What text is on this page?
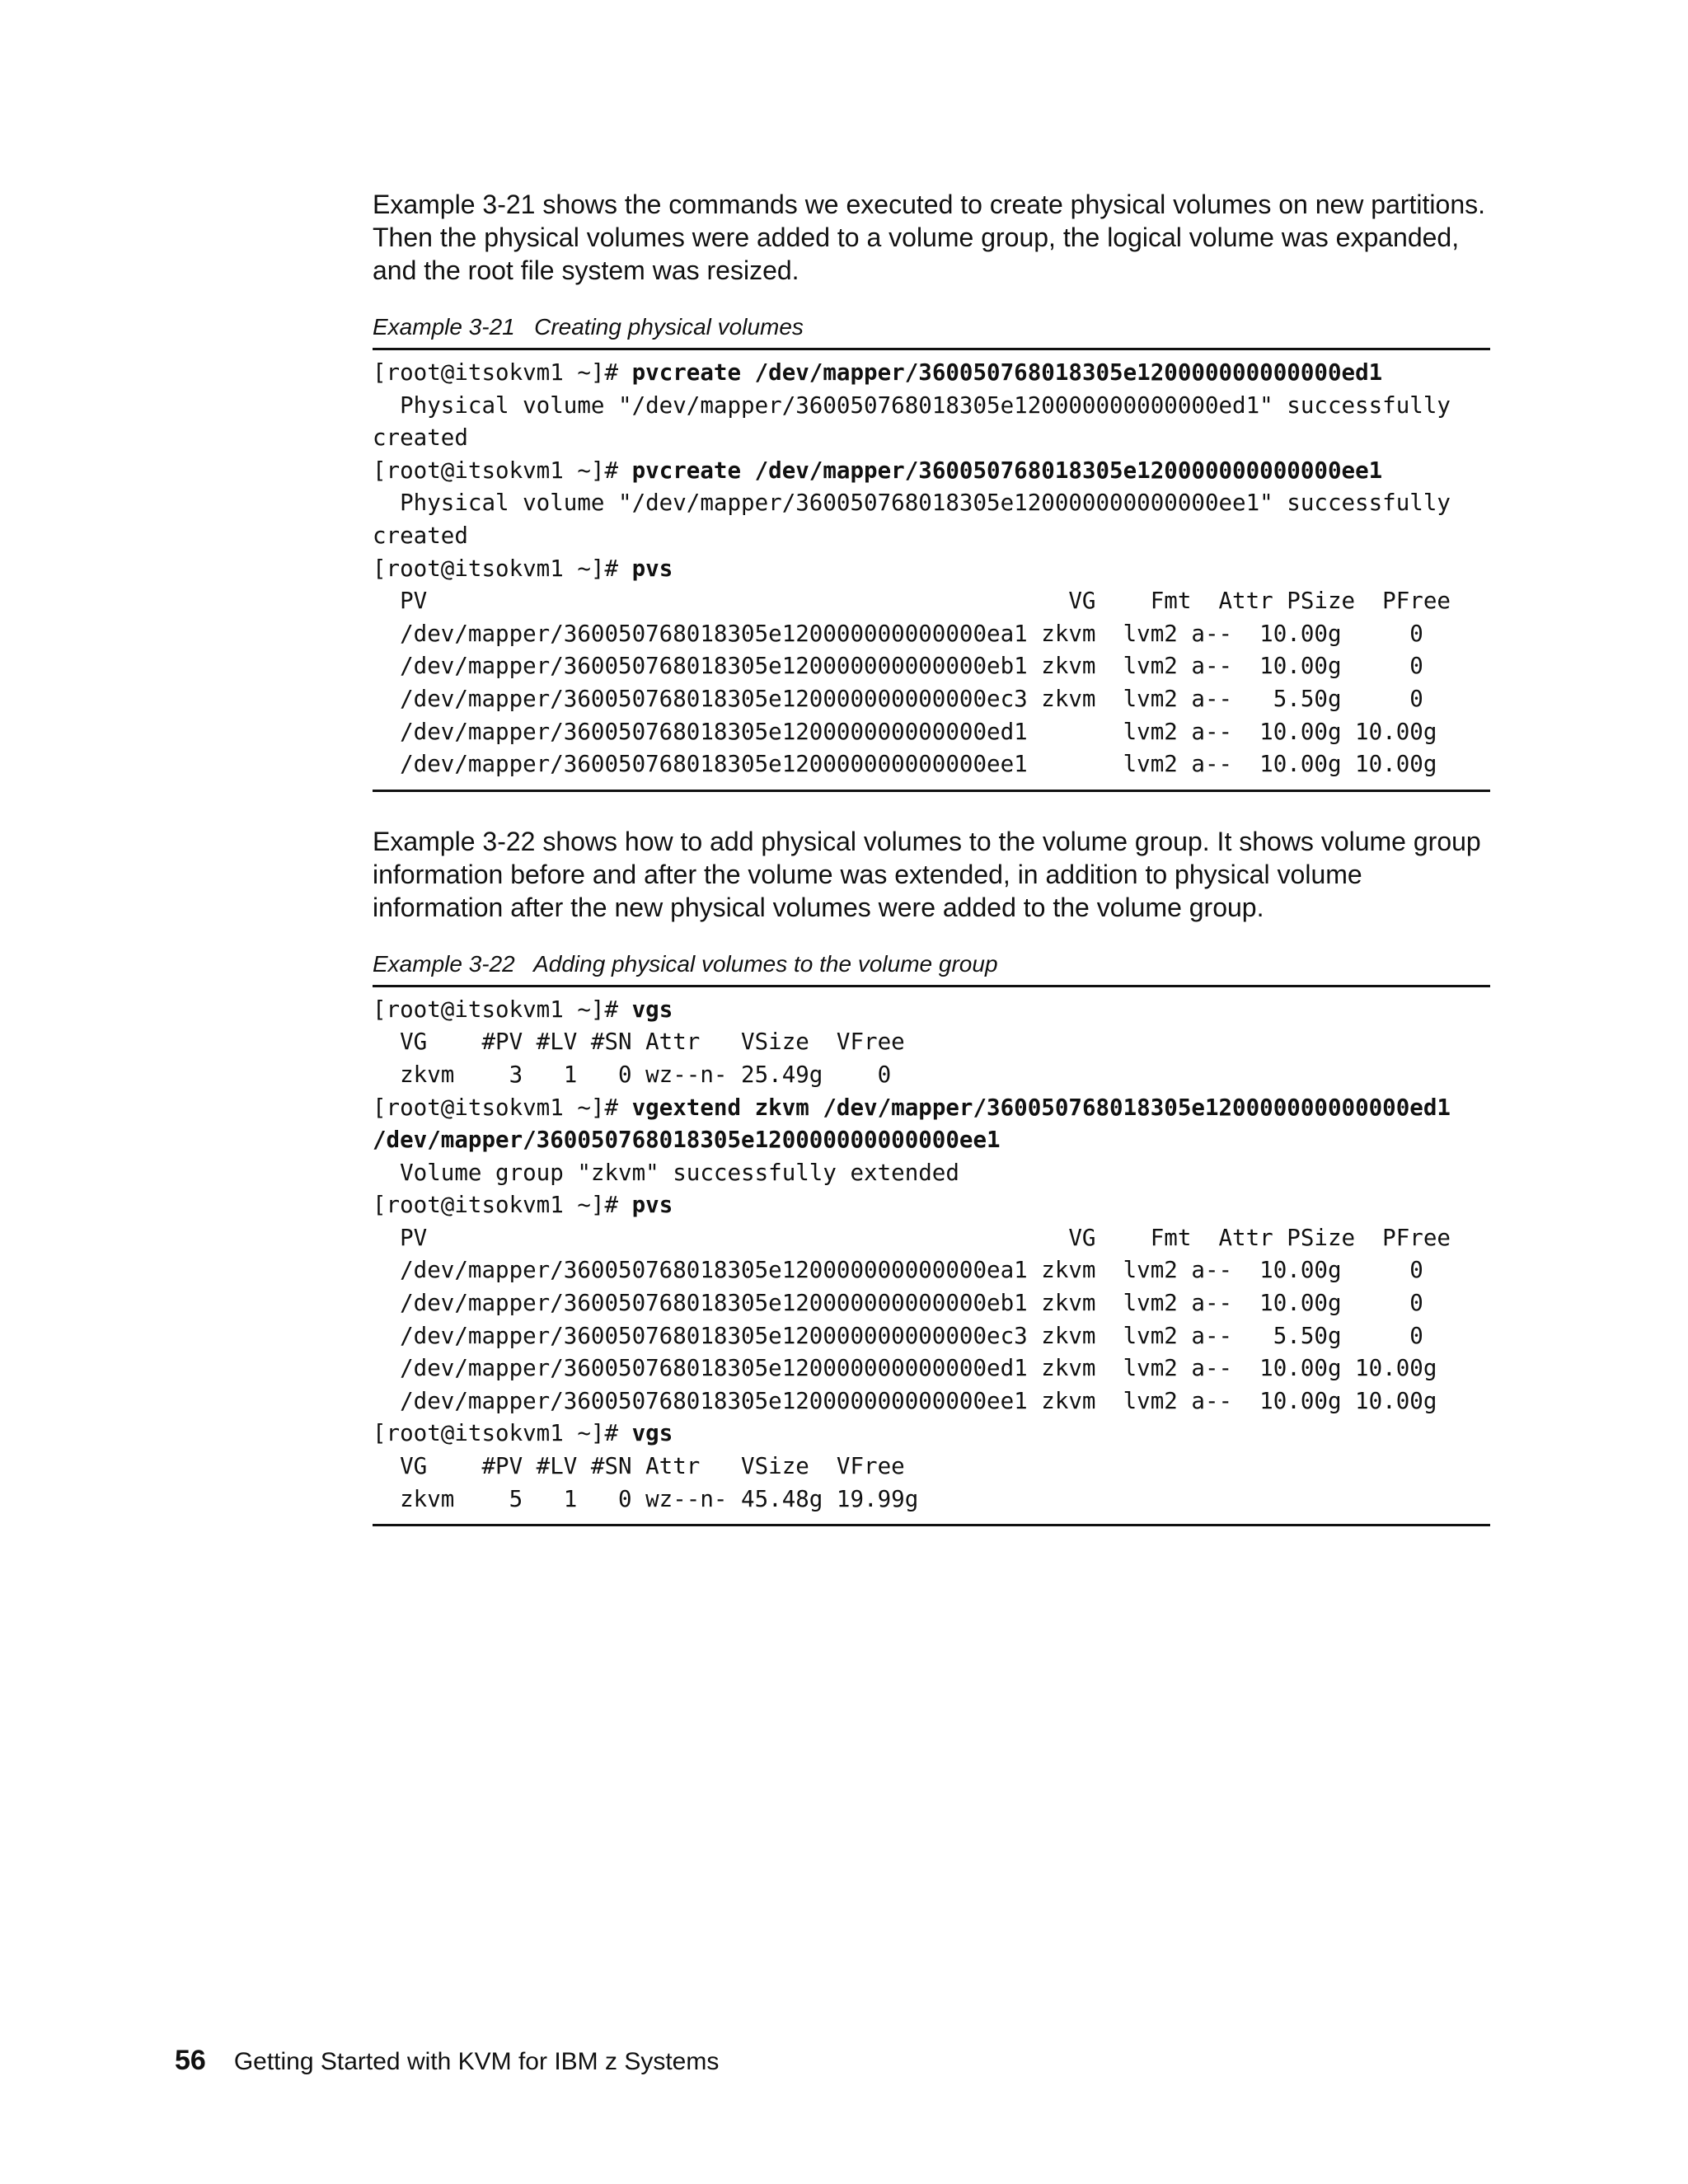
Example 3-21 shows the commands we executed to create physical volumes on new partitions. Then the physical volumes were added to a volume group, the logical volume was expanded, and the root file system was resized.

Example 3-21 Creating physical volumes

[root@itsokvm1 ~]# pvcreate /dev/mapper/360050768018305e120000000000000ed1
Physical volume "/dev/mapper/360050768018305e120000000000000ed1" successfully
created
[root@itsokvm1 ~]# pvcreate /dev/mapper/360050768018305e120000000000000ee1
Physical volume "/dev/mapper/360050768018305e120000000000000ee1" successfully
created
[root@itsokvm1 ~]# pvs
PV                                               VG    Fmt  Attr PSize  PFree
/dev/mapper/360050768018305e120000000000000ea1 zkvm  lvm2 a--  10.00g     0
/dev/mapper/360050768018305e120000000000000eb1 zkvm  lvm2 a--  10.00g     0
/dev/mapper/360050768018305e120000000000000ec3 zkvm  lvm2 a--   5.50g     0
/dev/mapper/360050768018305e120000000000000ed1       lvm2 a--  10.00g 10.00g
/dev/mapper/360050768018305e120000000000000ee1       lvm2 a--  10.00g 10.00g

Example 3-22 shows how to add physical volumes to the volume group. It shows volume group information before and after the volume was extended, in addition to physical volume information after the new physical volumes were added to the volume group.

Example 3-22 Adding physical volumes to the volume group

[root@itsokvm1 ~]# vgs
VG    #PV #LV #SN Attr   VSize  VFree
zkvm    3   1   0 wz--n- 25.49g    0
[root@itsokvm1 ~]# vgextend zkvm /dev/mapper/360050768018305e120000000000000ed1
/dev/mapper/360050768018305e120000000000000ee1
Volume group "zkvm" successfully extended
[root@itsokvm1 ~]# pvs
PV                                               VG    Fmt  Attr PSize  PFree
/dev/mapper/360050768018305e120000000000000ea1 zkvm  lvm2 a--  10.00g     0
/dev/mapper/360050768018305e120000000000000eb1 zkvm  lvm2 a--  10.00g     0
/dev/mapper/360050768018305e120000000000000ec3 zkvm  lvm2 a--   5.50g     0
/dev/mapper/360050768018305e120000000000000ed1 zkvm  lvm2 a--  10.00g 10.00g
/dev/mapper/360050768018305e120000000000000ee1 zkvm  lvm2 a--  10.00g 10.00g
[root@itsokvm1 ~]# vgs
VG    #PV #LV #SN Attr   VSize  VFree
zkvm    5   1   0 wz--n- 45.48g 19.99g
56 Getting Started with KVM for IBM z Systems
